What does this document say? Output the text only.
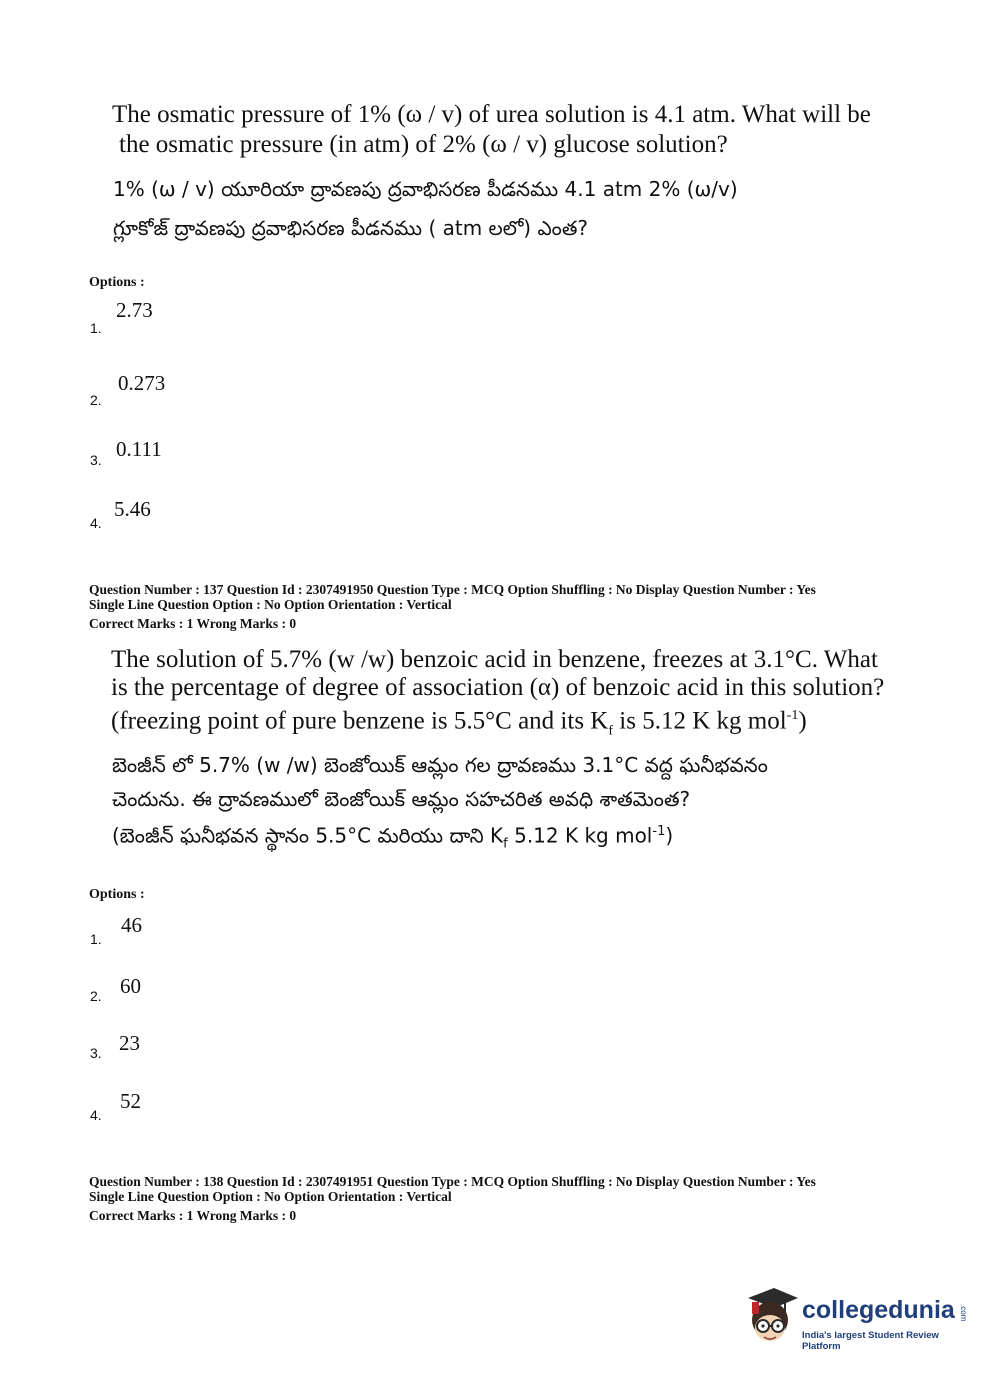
The osmatic pressure of 1% (ω / v) of urea solution is 4.1 atm. What will be
the osmatic pressure (in atm) of 2% (ω / v) glucose solution?
1% (ω / v) యూరియా ద్రావణపు ద్రవాభిసరణ పీడనము 4.1 atm 2% (ω/v)
గ్లూకోజ్ ద్రావణపు ద్రవాభిసరణ పీడనము ( atm లలో) ఎంత?
Options :
2.73
1.
0.273
2.
0.111
3.
5.46
4.
Question Number : 137 Question Id : 2307491950 Question Type : MCQ Option Shuffling : No Display Question Number : Yes
Single Line Question Option : No Option Orientation : Vertical
Correct Marks : 1 Wrong Marks : 0
The solution of 5.7% (w /w) benzoic acid in benzene, freezes at 3.1°C. What
is the percentage of degree of association (α) of benzoic acid in this solution?
(freezing point of pure benzene is 5.5°C and its $K_f$ is 5.12 K kg mol$^{-1}$)
బెంజీన్ లో 5.7% (w /w) బెంజోయిక్ ఆమ్లం గల ద్రావణము 3.1°C వద్ద ఘనీభవనం
చెందును. ఈ ద్రావణములో బెంజోయిక్ ఆమ్లం సహచరిత అవధి శాతమెంత?
(బెంజీన్ ఘనీభవన స్థానం 5.5°C మరియు దాని $K_f$ 5.12 K kg mol$^{-1}$)
Options :
46
1.
60
2.
23
3.
52
4.
Question Number : 138 Question Id : 2307491951 Question Type : MCQ Option Shuffling : No Display Question Number : Yes
Single Line Question Option : No Option Orientation : Vertical
Correct Marks : 1 Wrong Marks : 0
collegedunia .com
India's largest Student Review Platform
